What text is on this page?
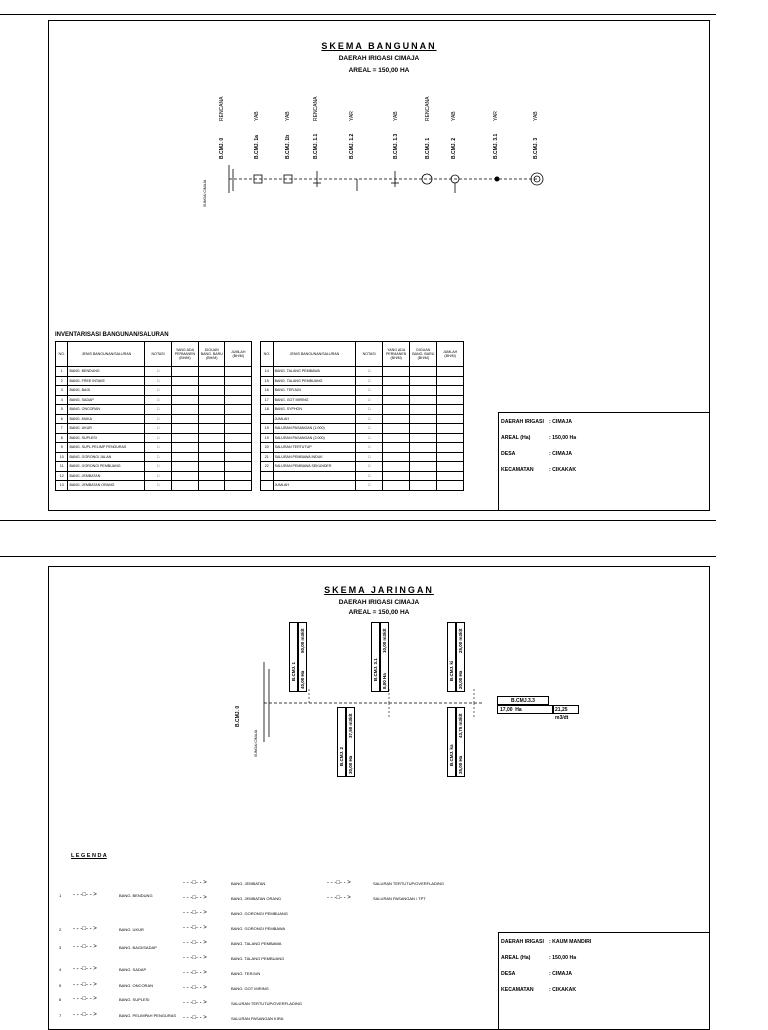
SKEMA BANGUNAN
DAERAH IRIGASI CIMAJA
AREAL = 150,00 HA
SUNGAI CIMAJA
RENCANA
B.CMJ. 0
YAB
B.CMJ. 1a
YAB
B.CMJ. 1b
RENCANA
B.CMJ. 1.1
YAR
B.CMJ. 1.2
YAB
B.CMJ. 1.3
RENCANA
B.CMJ. 1
YAB
B.CMJ. 2
YAR
B.CMJ. 3.1
YAB
B.CMJ. 3
INVENTARISASI BANGUNAN/SALURAN
NO.	JENIS BANGUNAN/SALURAN	NOTASI	YANG ADA PERMANEN (BH/M)	DIGUAN BANG. BARU (BH/M)	JUMLAH (BH/M)
1	BANG. BENDUNG	□			
2	BANG. FREE INTAKE	□			
3	BANG. BAGI	□			
4	BANG. SADAP	□			
5	BANG. ONCORAN	□			
6	BANG. MUKA	□			
7	BANG. UKUR	□			
8	BANG. SUPLESI	□			
9	BANG. SUPL.PELIMP PENGURAS	□			
10	BANG. GORONGI JALAN	□			
11	BANG. GORONGI PEMBUANG	□			
12	BANG. JEMBATAN	□			
13	BANG. JEMBATAN ORANG	□			
NO.	JENIS BANGUNAN/SALURAN	NOTASI	YANG ADA PERMANEN (BH/M)	DIGUAN BANG. BARU (BH/M)	JUMLAH (BH/M)
14	BANG. TALANG PEMBAWA	□			
15	BANG. TALANG PEMBUANG	□			
16	BANG. TERJUN	□			
17	BANG. GOT MIRING	□			
18	BANG. SYPHON	□			
	JUMLAH	□			
19	SALURAN PASANGAN (1:000)	□			
19	SALURAN PASANGAN (2:000)	□			
20	SALURAN TERTUTUP	□			
21	SALURAN PEMBAWA INDUK	□			
22	SALURAN PEMBAWA SEKUNDER	□			
		□			
	JUMLAH	□			
DAERAH IRIGASI : CIMAJA
AREAL (Ha)	: 150,00 Ha
DESA	: CIMAJA
KECAMATAN	: CIKAKAK
SKEMA JARINGAN
DAERAH IRIGASI CIMAJA
AREAL = 150,00 HA
B.CMJ. 0
SUNGAI CIMAJA
B.CMJ. 1
50,00 m3/dt
40,00 Ha	B.CMJ. 3.1
10,00 m3/dt
8,00 Ha	B.CMJ. ki
25,00 m3/dt
20,00 Ha
B.CMJ. 2
37,50 m3/dt
30,00 Ha	B.CMJ. ka
43,75 m3/dt
35,00 Ha
B.CMJ.3.3
17,00 Ha	21,25 m3/dt
L E G E N D A
1 - - -□- - >	BANG. BENDUNG
2 - - -□- - >	BANG. UKUR
3 - - -□- - >	BANG. BAGI/SADAP
4 - - -□- - >	BANG. SADAP
5 - - -□- - >	BANG. ONCORAN
6 - - -□- - >	BANG. SUPLESI
7 - - -□- - >	BANG. PELIMPAH PENGURAS
- - -□- - >	BANG. JEMBATAN
- - -□- - >	BANG. JEMBATAN ORANG
- - -□- - >	BANG. GORONGI PEMBUANG
- - -□- - >	BANG. GORONGI PEMBAWA
- - -□- - >	BANG. TALANG PEMBAWA
- - -□- - >	BANG. TALANG PEMBUANG
- - -□- - >	BANG. TERJUN
- - -□- - >	BANG. GOT MIRING
- - -□- - >	SALURAN TERTUTUP/OVERFLADING
- - -□- - >	SALURAN PASANGAN KIRA
- - -□- - >	SALURAN TERTUTUP/OVERFLADING
- - -□- - >	SALURAN PASANGAN / TPT
DAERAH IRIGASI : KAUM MANDIRI
AREAL (Ha)	: 150,00 Ha
DESA	: CIMAJA
KECAMATAN	: CIKAKAK
